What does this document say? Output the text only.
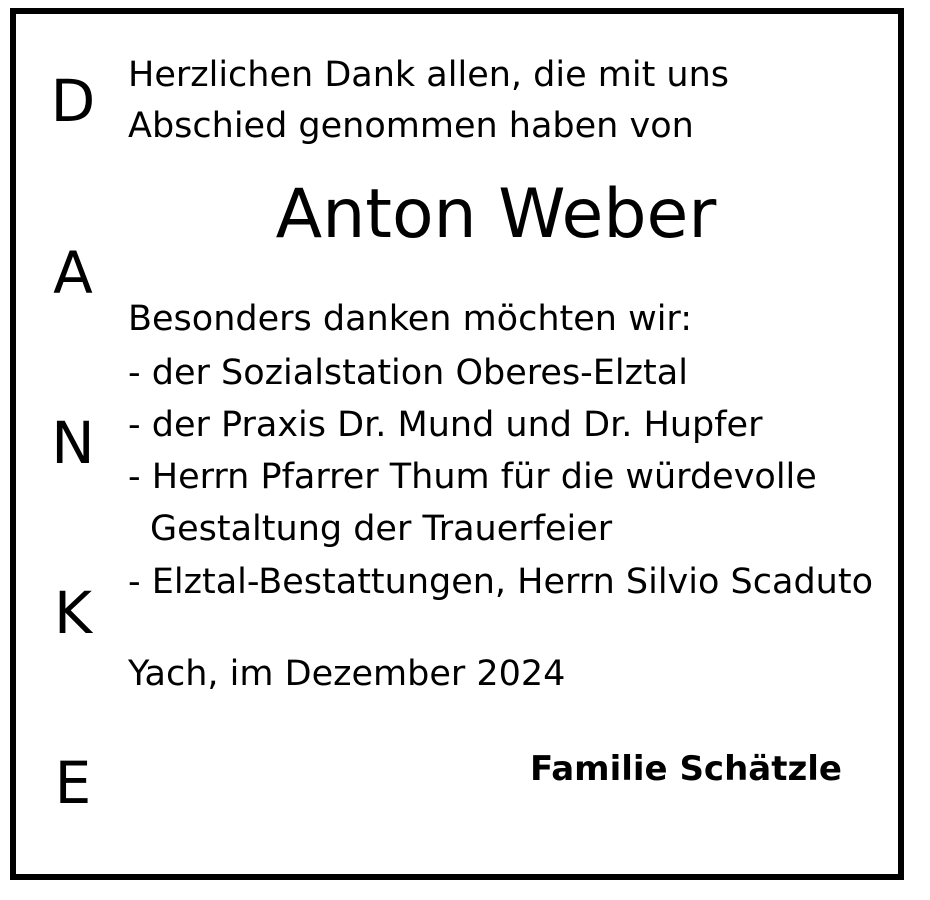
D
A
N
K
E
Herzlichen Dank allen, die mit uns
Abschied genommen haben von
Anton Weber
Besonders danken möchten wir:
- der Sozialstation Oberes-Elztal
- der Praxis Dr. Mund und Dr. Hupfer
- Herrn Pfarrer Thum für die würdevolle
Gestaltung der Trauerfeier
- Elztal-Bestattungen, Herrn Silvio Scaduto
Yach, im Dezember 2024
Familie Schätzle
